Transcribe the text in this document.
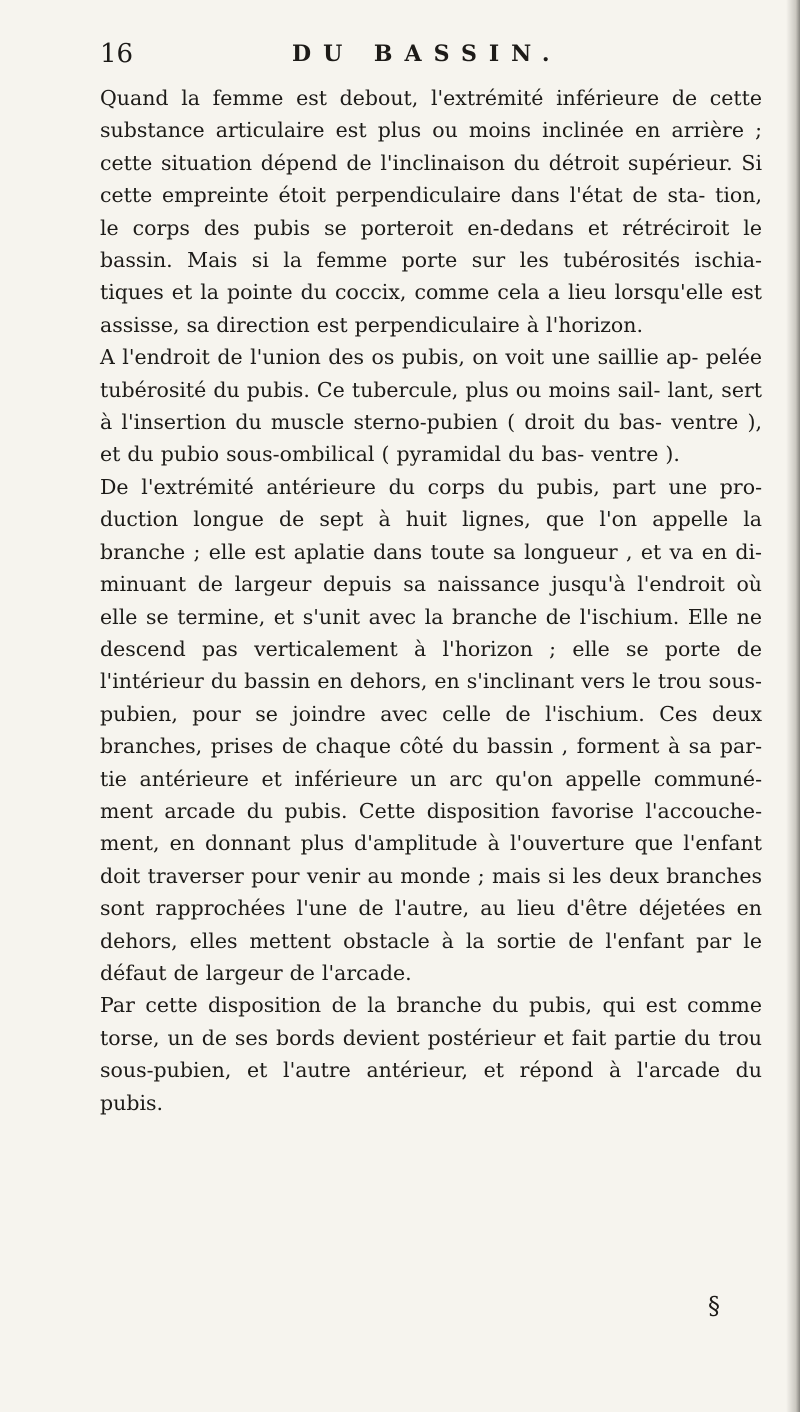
16	DU BASSIN.

Quand la femme est debout, l'extrémité inférieure de cette substance articulaire est plus ou moins inclinée en arrière ; cette situation dépend de l'inclinaison du détroit supérieur. Si cette empreinte étoit perpendiculaire dans l'état de sta- tion, le corps des pubis se porteroit en-dedans et rétréciroit le bassin. Mais si la femme porte sur les tubérosités ischia- tiques et la pointe du coccix, comme cela a lieu lorsqu'elle est assisse, sa direction est perpendiculaire à l'horizon.

A l'endroit de l'union des os pubis, on voit une saillie ap- pelée tubérosité du pubis. Ce tubercule, plus ou moins sail- lant, sert à l'insertion du muscle sterno-pubien ( droit du bas- ventre ), et du pubio sous-ombilical ( pyramidal du bas- ventre ).

De l'extrémité antérieure du corps du pubis, part une pro- duction longue de sept à huit lignes, que l'on appelle la branche ; elle est aplatie dans toute sa longueur , et va en di- minuant de largeur depuis sa naissance jusqu'à l'endroit où elle se termine, et s'unit avec la branche de l'ischium. Elle ne descend pas verticalement à l'horizon ; elle se porte de l'intérieur du bassin en dehors, en s'inclinant vers le trou sous- pubien, pour se joindre avec celle de l'ischium. Ces deux branches, prises de chaque côté du bassin , forment à sa par- tie antérieure et inférieure un arc qu'on appelle communé- ment arcade du pubis. Cette disposition favorise l'accouche- ment, en donnant plus d'amplitude à l'ouverture que l'enfant doit traverser pour venir au monde ; mais si les deux branches sont rapprochées l'une de l'autre, au lieu d'être déjetées en dehors, elles mettent obstacle à la sortie de l'enfant par le défaut de largeur de l'arcade.

Par cette disposition de la branche du pubis, qui est comme torse, un de ses bords devient postérieur et fait partie du trou sous-pubien, et l'autre antérieur, et répond à l'arcade du pubis.

§
